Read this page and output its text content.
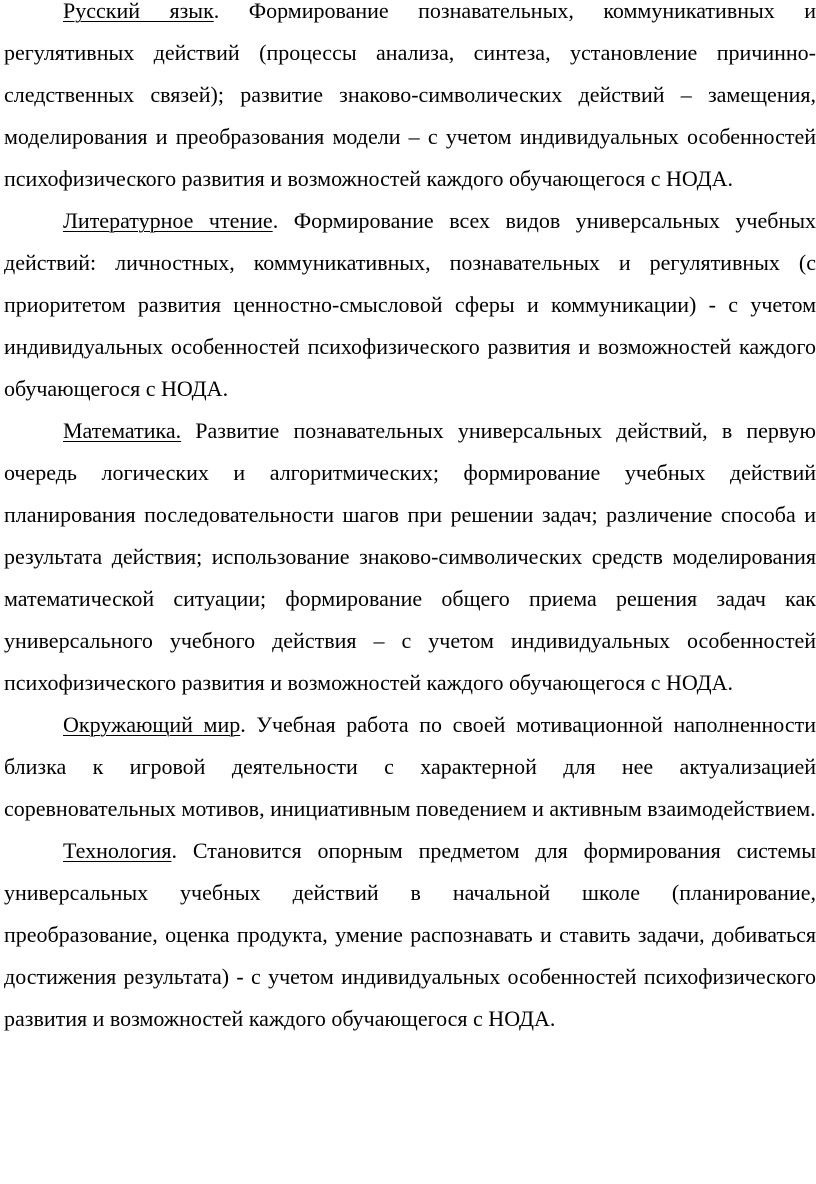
Русский язык. Формирование познавательных, коммуникативных и регулятивных действий (процессы анализа, синтеза, установление причинно-следственных связей); развитие знаково-символических действий – замещения, моделирования и преобразования модели – с учетом индивидуальных особенностей психофизического развития и возможностей каждого обучающегося с НОДА.

Литературное чтение. Формирование всех видов универсальных учебных действий: личностных, коммуникативных, познавательных и регулятивных (с приоритетом развития ценностно-смысловой сферы и коммуникации) - с учетом индивидуальных особенностей психофизического развития и возможностей каждого обучающегося с НОДА.

Математика. Развитие познавательных универсальных действий, в первую очередь логических и алгоритмических; формирование учебных действий планирования последовательности шагов при решении задач; различение способа и результата действия; использование знаково-символических средств моделирования математической ситуации; формирование общего приема решения задач как универсального учебного действия – с учетом индивидуальных особенностей психофизического развития и возможностей каждого обучающегося с НОДА.

Окружающий мир. Учебная работа по своей мотивационной наполненности близка к игровой деятельности с характерной для нее актуализацией соревновательных мотивов, инициативным поведением и активным взаимодействием.

Технология. Становится опорным предметом для формирования системы универсальных учебных действий в начальной школе (планирование, преобразование, оценка продукта, умение распознавать и ставить задачи, добиваться достижения результата) - с учетом индивидуальных особенностей психофизического развития и возможностей каждого обучающегося с НОДА.
